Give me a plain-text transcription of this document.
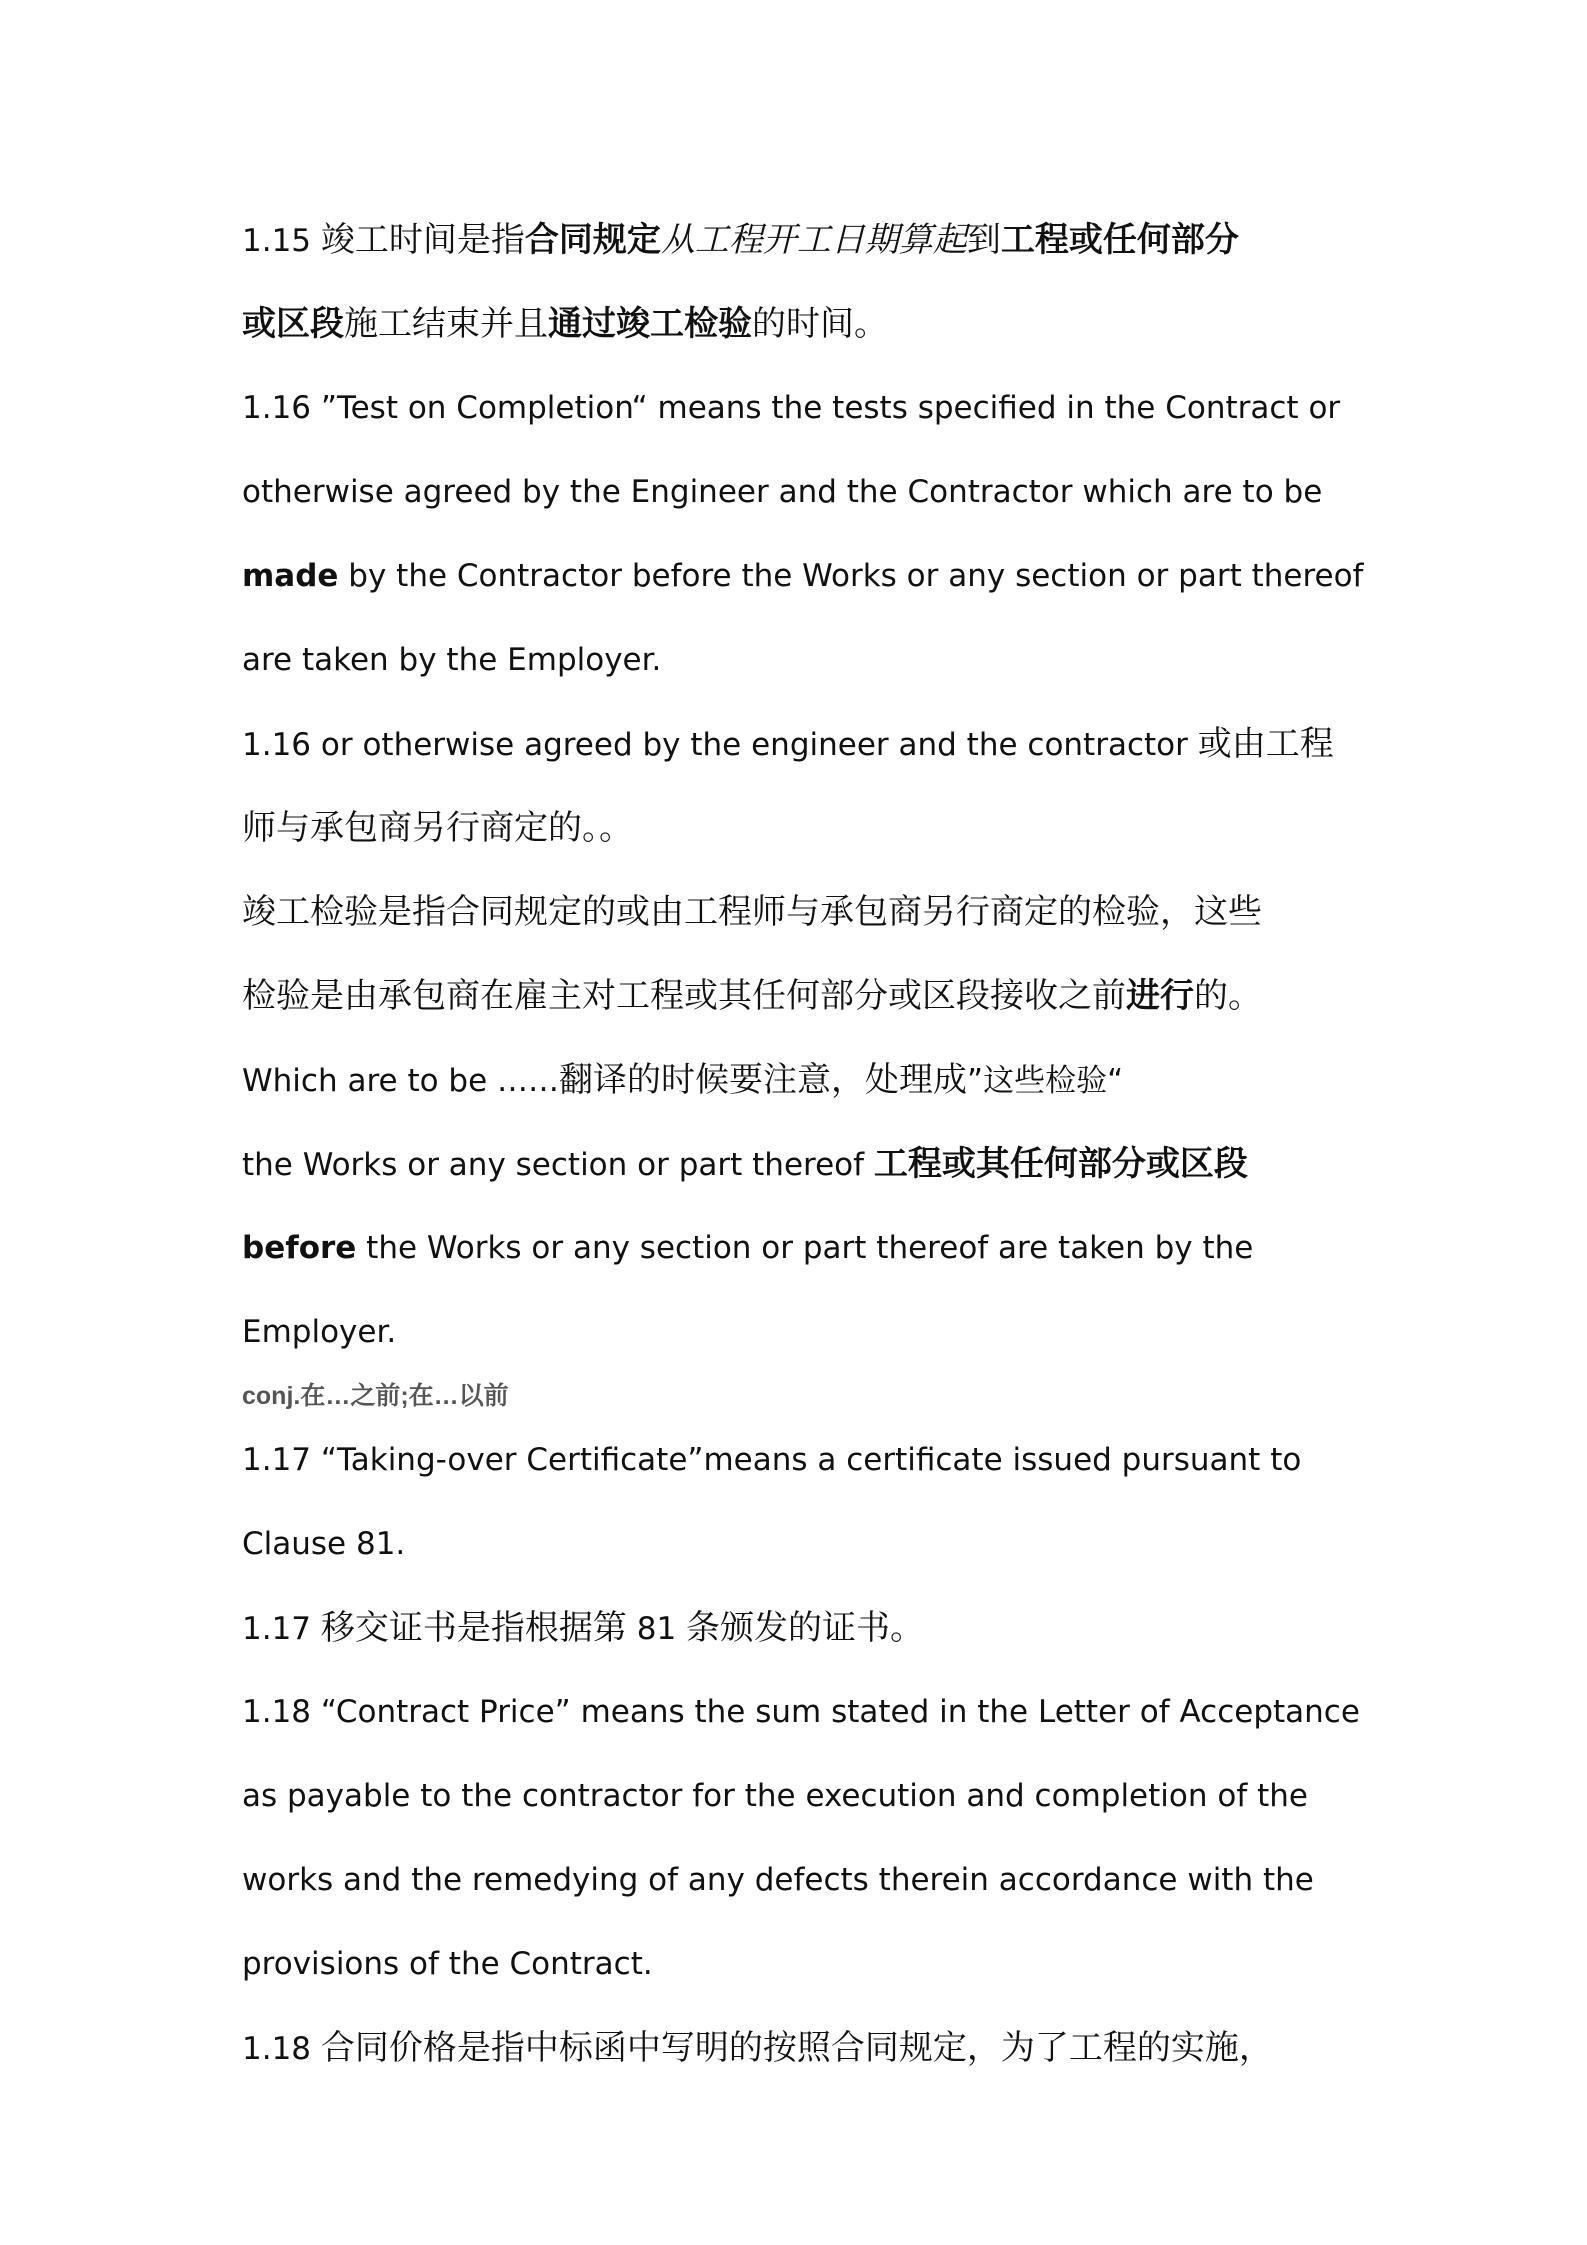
1.15 竣工时间是指合同规定从工程开工日期算起到工程或任何部分
或区段施工结束并且通过竣工检验的时间。
1.16 ”Test on Completion“ means the tests specified in the Contract or
otherwise agreed by the Engineer and the Contractor which are to be
made by the Contractor before the Works or any section or part thereof
are taken by the Employer.
1.16 or otherwise agreed by the engineer and the contractor 或由工程
师与承包商另行商定的。。
竣工检验是指合同规定的或由工程师与承包商另行商定的检验，这些
检验是由承包商在雇主对工程或其任何部分或区段接收之前进行的。
Which are to be ……翻译的时候要注意，处理成”这些检验“
the Works or any section or part thereof 工程或其任何部分或区段
before the Works or any section or part thereof are taken by the
Employer.
conj.在…之前;在…以前
1.17 “Taking-over Certificate”means a certificate issued pursuant to
Clause 81.
1.17 移交证书是指根据第 81 条颁发的证书。
1.18 “Contract Price” means the sum stated in the Letter of Acceptance
as payable to the contractor for the execution and completion of the
works and the remedying of any defects therein accordance with the
provisions of the Contract.
1.18 合同价格是指中标函中写明的按照合同规定，为了工程的实施，
